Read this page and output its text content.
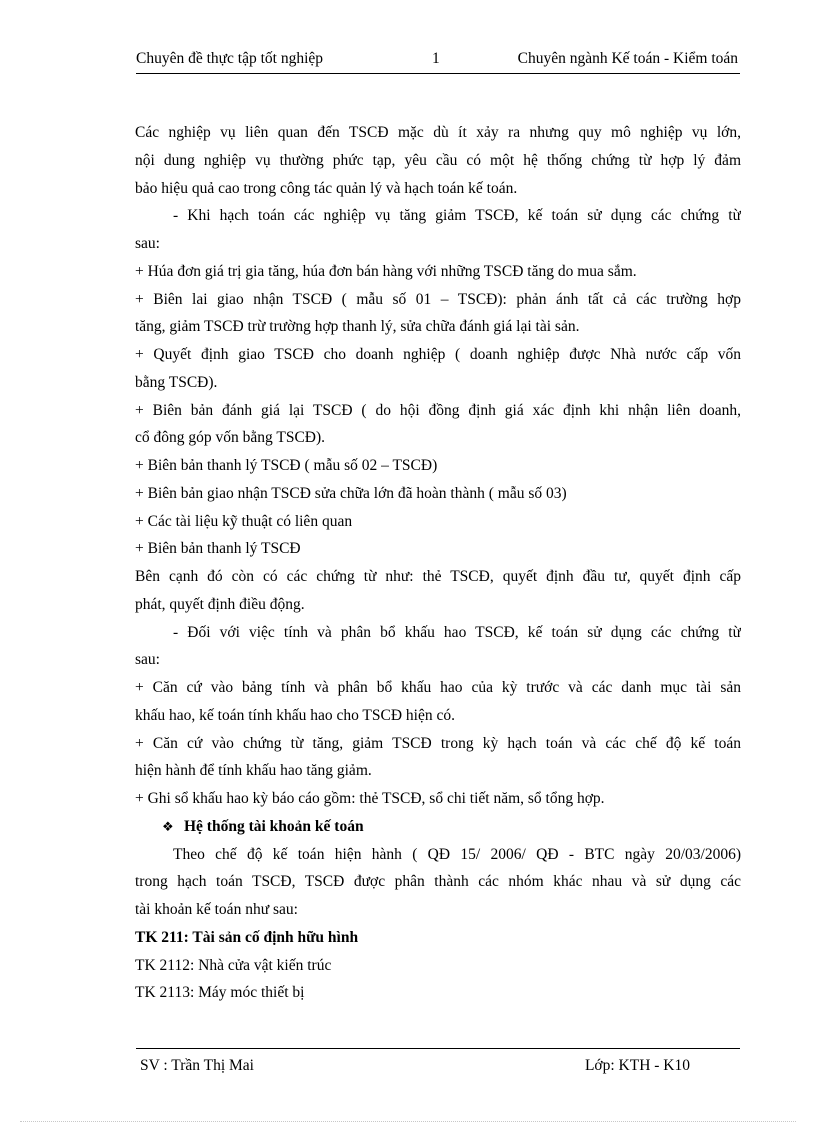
Chuyên đề thực tập tốt nghiệp	1	Chuyên ngành Kế toán - Kiểm toán
Các nghiệp vụ liên quan đến TSCĐ mặc dù ít xảy ra nhưng quy mô nghiệp vụ lớn,
nội dung nghiệp vụ thường phức tạp, yêu cầu có một hệ thống chứng từ hợp lý đảm
bảo hiệu quả cao trong công tác quản lý và hạch toán kế toán.
- Khi hạch toán các nghiệp vụ tăng giảm TSCĐ, kế toán sử dụng các chứng từ
sau:
+ Húa đơn giá trị gia tăng, húa đơn bán hàng với những TSCĐ tăng do mua sắm.
+ Biên lai giao nhận TSCĐ ( mẫu số 01 – TSCĐ): phản ánh tất cả các trường hợp
tăng, giảm TSCĐ trừ trường hợp thanh lý, sửa chữa đánh giá lại tài sản.
+ Quyết định giao TSCĐ cho doanh nghiệp ( doanh nghiệp được Nhà nước cấp vốn
bằng TSCĐ).
+ Biên bản đánh giá lại TSCĐ ( do hội đồng định giá xác định khi nhận liên doanh,
cổ đông góp vốn bằng TSCĐ).
+ Biên bản thanh lý TSCĐ ( mẫu số 02 – TSCĐ)
+ Biên bản giao nhận TSCĐ sửa chữa lớn đã hoàn thành ( mẫu số 03)
+ Các tài liệu kỹ thuật có liên quan
+ Biên bản thanh lý TSCĐ
Bên cạnh đó còn có các chứng từ như: thẻ TSCĐ, quyết định đầu tư, quyết định cấp
phát, quyết định điều động.
- Đối với việc tính và phân bổ khấu hao TSCĐ, kế toán sử dụng các chứng từ
sau:
+ Căn cứ vào bảng tính và phân bổ khấu hao của kỳ trước và các danh mục tài sản
khấu hao, kế toán tính khấu hao cho TSCĐ hiện có.
+ Căn cứ vào chứng từ tăng, giảm TSCĐ trong kỳ hạch toán và các chế độ kế toán
hiện hành để tính khấu hao tăng giảm.
+ Ghi sổ khấu hao kỳ báo cáo gồm: thẻ TSCĐ, sổ chi tiết năm, sổ tổng hợp.
❖ Hệ thống tài khoản kế toán
Theo chế độ kế toán hiện hành ( QĐ 15/ 2006/ QĐ - BTC ngày 20/03/2006)
trong hạch toán TSCĐ, TSCĐ được phân thành các nhóm khác nhau và sử dụng các
tài khoản kế toán như sau:
TK 211: Tài sản cố định hữu hình
TK 2112: Nhà cửa vật kiến trúc
TK 2113: Máy móc thiết bị
SV : Trần Thị Mai	Lớp: KTH - K10
